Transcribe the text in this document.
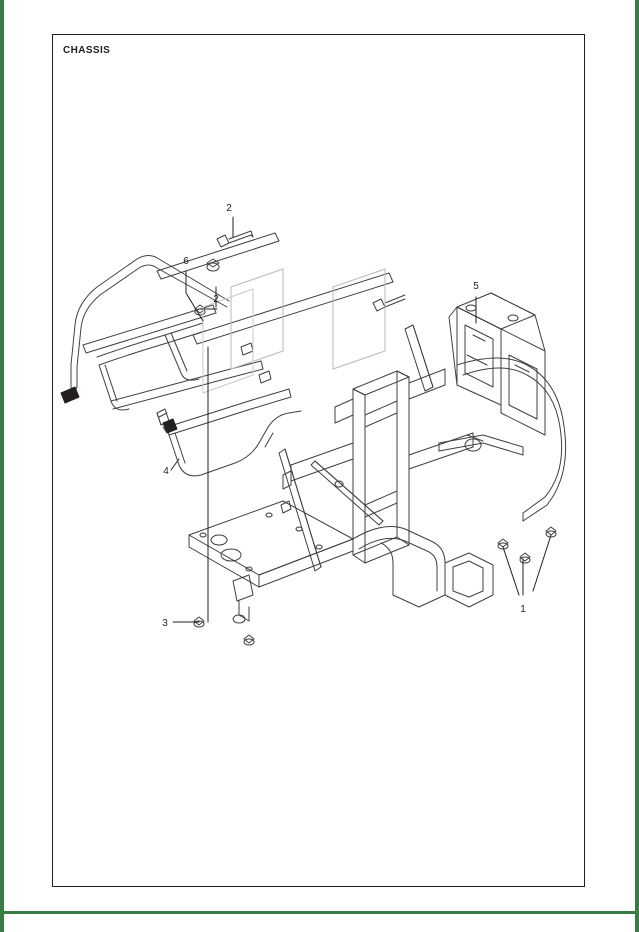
CHASSIS
2
2
6
5
1
3
4
